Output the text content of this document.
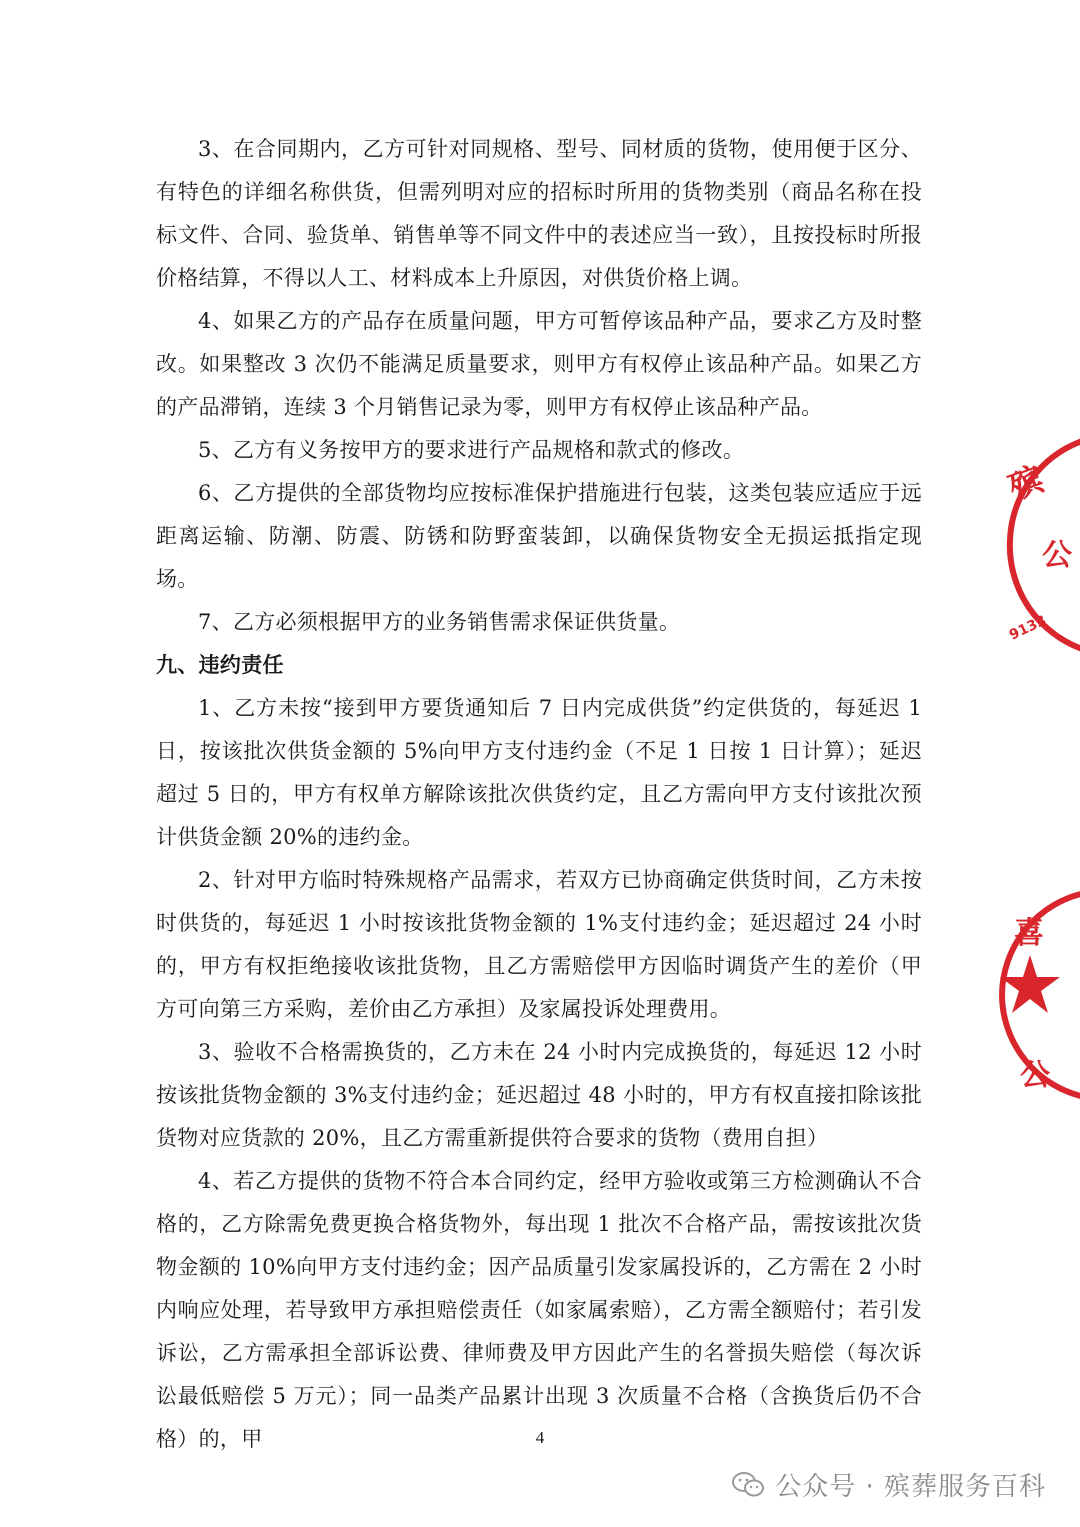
3、在合同期内，乙方可针对同规格、型号、同材质的货物，使用便于区分、有特色的详细名称供货，但需列明对应的招标时所用的货物类别（商品名称在投标文件、合同、验货单、销售单等不同文件中的表述应当一致），且按投标时所报价格结算，不得以人工、材料成本上升原因，对供货价格上调。

4、如果乙方的产品存在质量问题，甲方可暂停该品种产品，要求乙方及时整改。如果整改 3 次仍不能满足质量要求，则甲方有权停止该品种产品。如果乙方的产品滞销，连续 3 个月销售记录为零，则甲方有权停止该品种产品。

5、乙方有义务按甲方的要求进行产品规格和款式的修改。

6、乙方提供的全部货物均应按标准保护措施进行包装，这类包装应适应于远距离运输、防潮、防震、防锈和防野蛮装卸，以确保货物安全无损运抵指定现场。

7、乙方必须根据甲方的业务销售需求保证供货量。

九、违约责任

1、乙方未按“接到甲方要货通知后 7 日内完成供货”约定供货的，每延迟 1 日，按该批次供货金额的 5%向甲方支付违约金（不足 1 日按 1 日计算）；延迟超过 5 日的，甲方有权单方解除该批次供货约定，且乙方需向甲方支付该批次预计供货金额 20%的违约金。

2、针对甲方临时特殊规格产品需求，若双方已协商确定供货时间，乙方未按时供货的，每延迟 1 小时按该批货物金额的 1%支付违约金；延迟超过 24 小时的，甲方有权拒绝接收该批货物，且乙方需赔偿甲方因临时调货产生的差价（甲方可向第三方采购，差价由乙方承担）及家属投诉处理费用。

3、验收不合格需换货的，乙方未在 24 小时内完成换货的，每延迟 12 小时按该批货物金额的 3%支付违约金；延迟超过 48 小时的，甲方有权直接扣除该批货物对应货款的 20%，且乙方需重新提供符合要求的货物（费用自担）

4、若乙方提供的货物不符合本合同约定，经甲方验收或第三方检测确认不合格的，乙方除需免费更换合格货物外，每出现 1 批次不合格产品，需按该批次货物金额的 10%向甲方支付违约金；因产品质量引发家属投诉的，乙方需在 2 小时内响应处理，若导致甲方承担赔偿责任（如家属索赔），乙方需全额赔付；若引发诉讼，乙方需承担全部诉讼费、律师费及甲方因此产生的名誉损失赔偿（每次诉讼最低赔偿 5 万元）；同一品类产品累计出现 3 次质量不合格（含换货后仍不合格）的，甲

殡
公
9133
喜
公
4
公众号 · 殡葬服务百科
